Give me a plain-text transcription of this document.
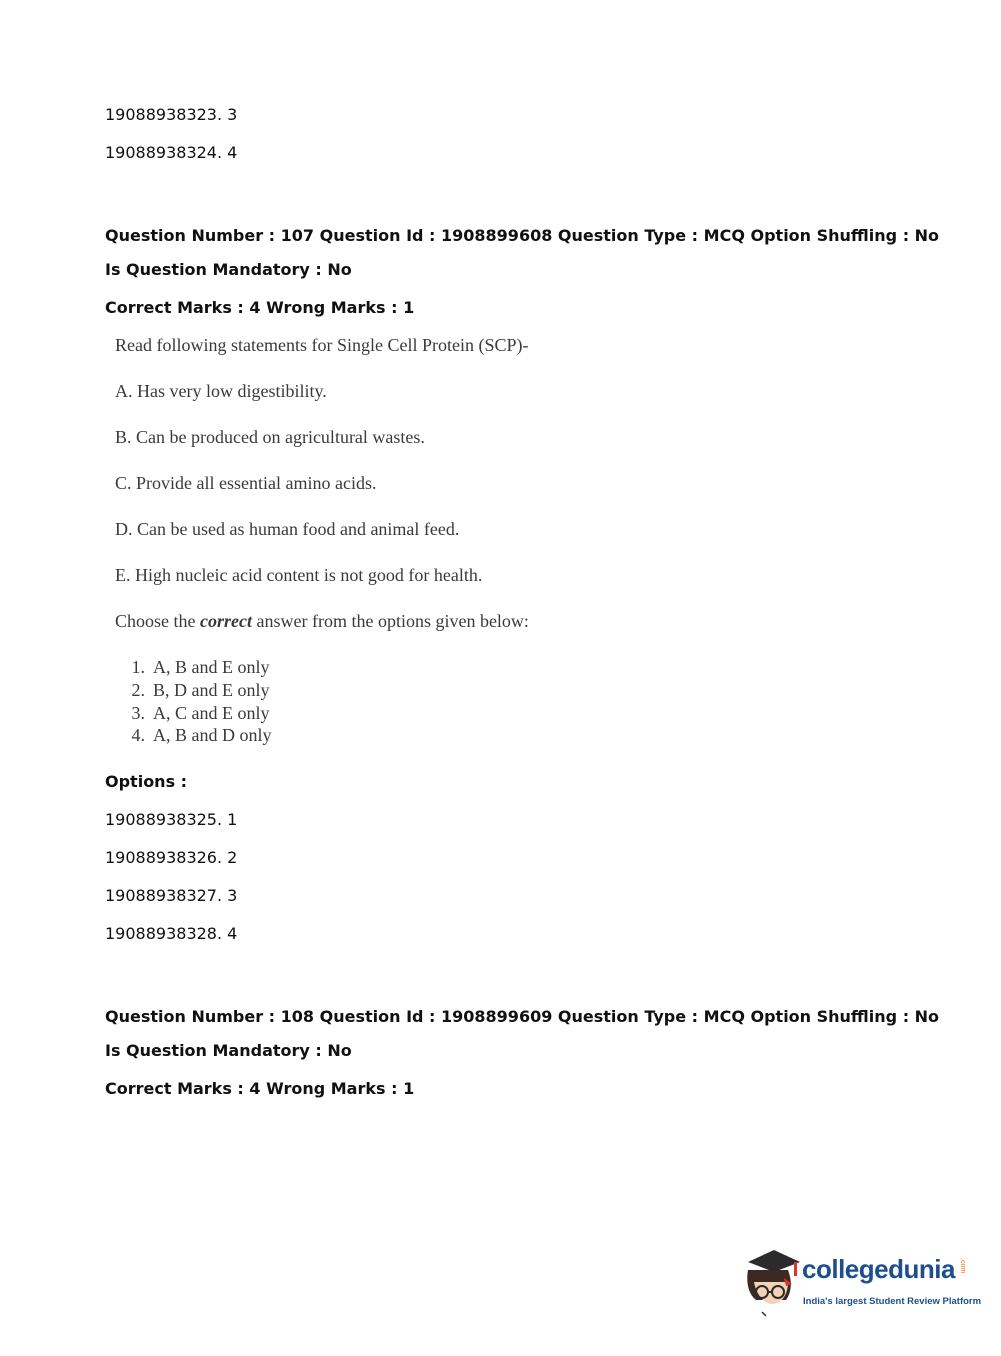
19088938323. 3
19088938324. 4
Question Number : 107 Question Id : 1908899608 Question Type : MCQ Option Shuffling : No
Is Question Mandatory : No
Correct Marks : 4 Wrong Marks : 1
Read following statements for Single Cell Protein (SCP)-
A. Has very low digestibility.
B. Can be produced on agricultural wastes.
C. Provide all essential amino acids.
D. Can be used as human food and animal feed.
E. High nucleic acid content is not good for health.
Choose the correct answer from the options given below:
1. A, B and E only
2. B, D and E only
3. A, C and E only
4. A, B and D only
Options :
19088938325. 1
19088938326. 2
19088938327. 3
19088938328. 4
Question Number : 108 Question Id : 1908899609 Question Type : MCQ Option Shuffling : No
Is Question Mandatory : No
Correct Marks : 4 Wrong Marks : 1
collegedunia .com
India's largest Student Review Platform
